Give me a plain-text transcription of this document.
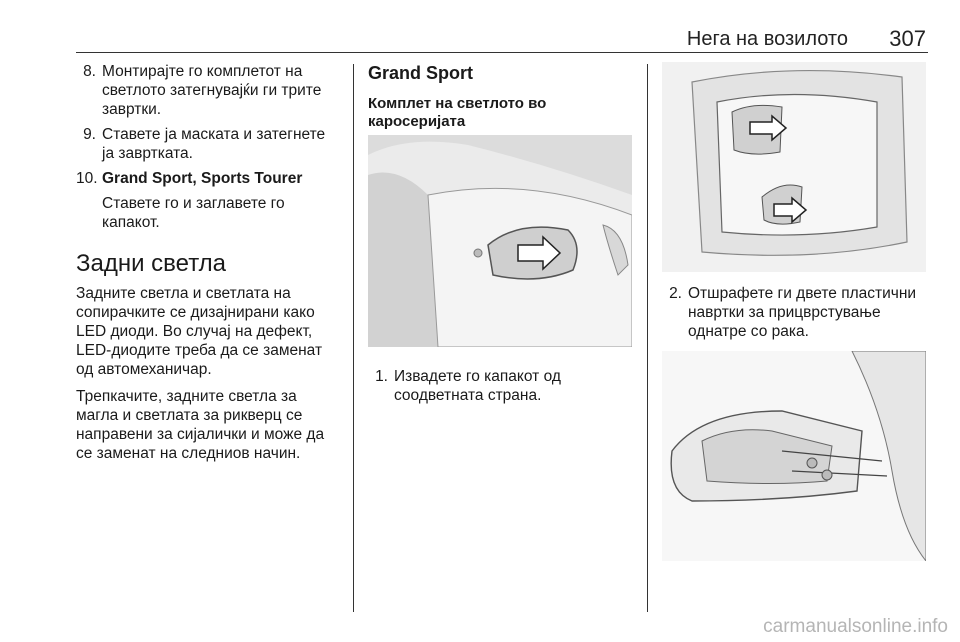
Нега на возилото 307
8. Монтирајте го комплетот на светлото затегнувајќи ги трите завртки.
9. Ставете ја маската и затегнете ја завртката.
10. Grand Sport, Sports Tourer
Ставете го и заглавете го капакот.
Задни светла

Задните светла и светлата на сопирачките се дизајнирани како LED диоди. Во случај на дефект, LED-диодите треба да се заменат од автомеханичар.

Трепкачите, задните светла за магла и светлата за рикверц се направени за сијалички и може да се заменат на следниов начин.

Grand Sport
Комплет на светлото во каросеријата
1. Извадете го капакот од соодветната страна.
2. Отшрафете ги двете пластични навртки за прицврстување однатре со рака.
carmanualsonline.info
